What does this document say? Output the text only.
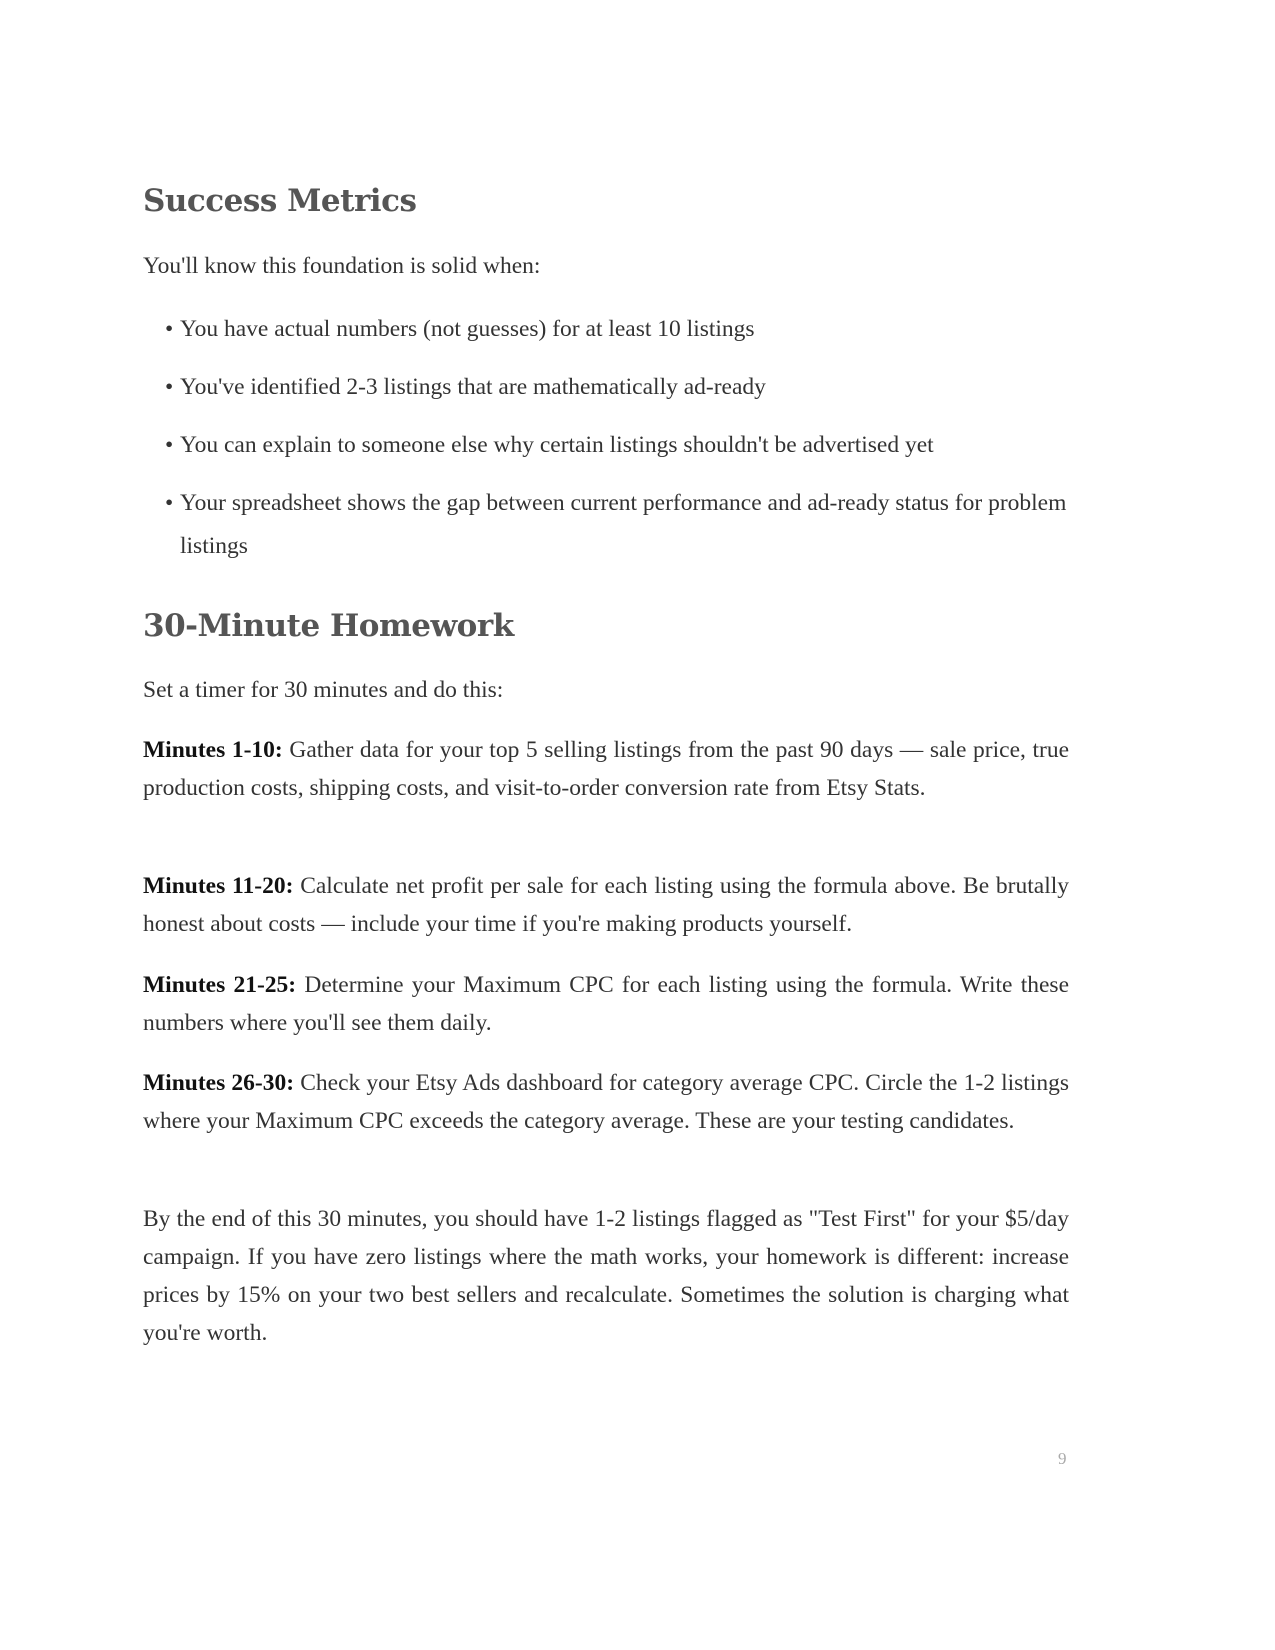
Success Metrics

You'll know this foundation is solid when:

• You have actual numbers (not guesses) for at least 10 listings
• You've identified 2-3 listings that are mathematically ad-ready
• You can explain to someone else why certain listings shouldn't be advertised yet
• Your spreadsheet shows the gap between current performance and ad-ready status for problem listings
30-Minute Homework

Set a timer for 30 minutes and do this:

Minutes 1-10: Gather data for your top 5 selling listings from the past 90 days — sale price, true production costs, shipping costs, and visit-to-order conversion rate from Etsy Stats.

Minutes 11-20: Calculate net profit per sale for each listing using the formula above. Be brutally honest about costs — include your time if you're making products yourself.

Minutes 21-25: Determine your Maximum CPC for each listing using the formula. Write these numbers where you'll see them daily.

Minutes 26-30: Check your Etsy Ads dashboard for category average CPC. Circle the 1-2 listings where your Maximum CPC exceeds the category average. These are your testing candidates.

By the end of this 30 minutes, you should have 1-2 listings flagged as "Test First" for your $5/day campaign. If you have zero listings where the math works, your homework is different: increase prices by 15% on your two best sellers and recalculate. Sometimes the solution is charging what you're worth.

9
